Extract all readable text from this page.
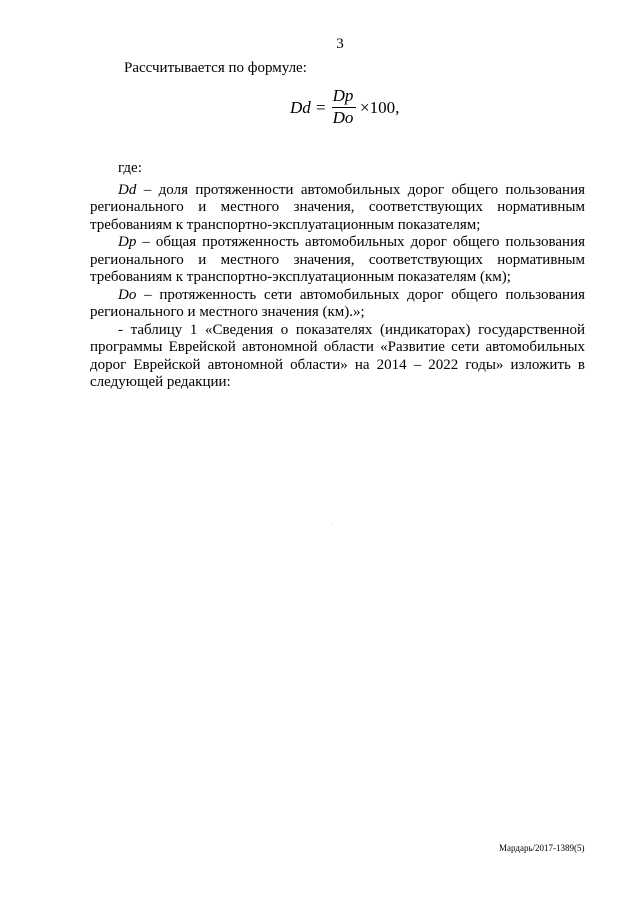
3
Рассчитывается по формуле:
Dd =
Dp
Do
×100,

где:

Dd – доля протяженности автомобильных дорог общего пользования регионального и местного значения, соответствующих нормативным требованиям к транспортно-эксплуатационным показателям;

Dp – общая протяженность автомобильных дорог общего пользования регионального и местного значения, соответствующих нормативным требованиям к транспортно-эксплуатационным показателям (км);

Do – протяженность сети автомобильных дорог общего пользования регионального и местного значения (км).»;

- таблицу 1 «Сведения о показателях (индикаторах) государственной программы Еврейской автономной области «Развитие сети автомобильных дорог Еврейской автономной области» на 2014 – 2022 годы» изложить в следующей редакции:

Мардарь/2017-1389(5)
